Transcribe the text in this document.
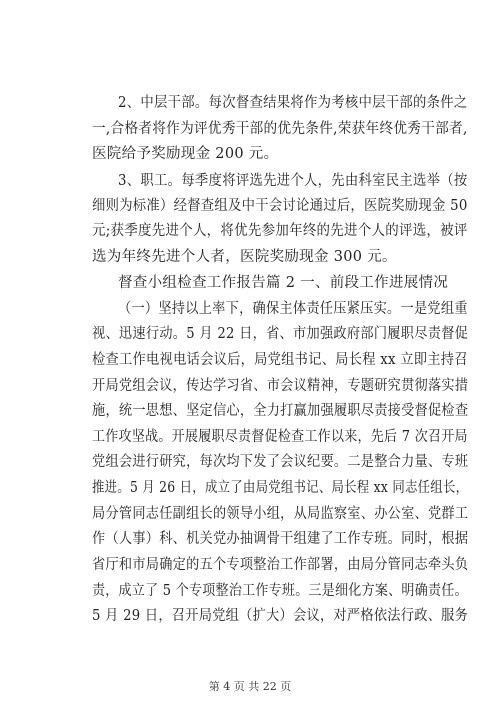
2、中层干部。每次督查结果将作为考核中层干部的条件之
一,合格者将作为评优秀干部的优先条件,荣获年终优秀干部者,
医院给予奖励现金 200 元。
3、职工。每季度将评选先进个人，先由科室民主选举（按
细则为标准）经督查组及中干会讨论通过后，医院奖励现金 50
元;获季度先进个人，将优先参加年终的先进个人的评选，被评
选为年终先进个人者，医院奖励现金 300 元。
督查小组检查工作报告篇 2 一、前段工作进展情况
（一）坚持以上率下，确保主体责任压紧压实。一是党组重
视、迅速行动。5 月 22 日，省、市加强政府部门履职尽责督促
检查工作电视电话会议后，局党组书记、局长程 xx 立即主持召
开局党组会议，传达学习省、市会议精神，专题研究贯彻落实措
施，统一思想、坚定信心，全力打赢加强履职尽责接受督促检查
工作攻坚战。开展履职尽责督促检查工作以来，先后 7 次召开局
党组会进行研究，每次均下发了会议纪要。二是整合力量、专班
推进。5 月 26 日，成立了由局党组书记、局长程 xx 同志任组长，
局分管同志任副组长的领导小组，从局监察室、办公室、党群工
作（人事）科、机关党办抽调骨干组建了工作专班。同时，根据
省厅和市局确定的五个专项整治工作部署，由局分管同志牵头负
责，成立了 5 个专项整治工作专班。三是细化方案、明确责任。
5 月 29 日，召开局党组（扩大）会议，对严格依法行政、服务
第 4 页 共 22 页
